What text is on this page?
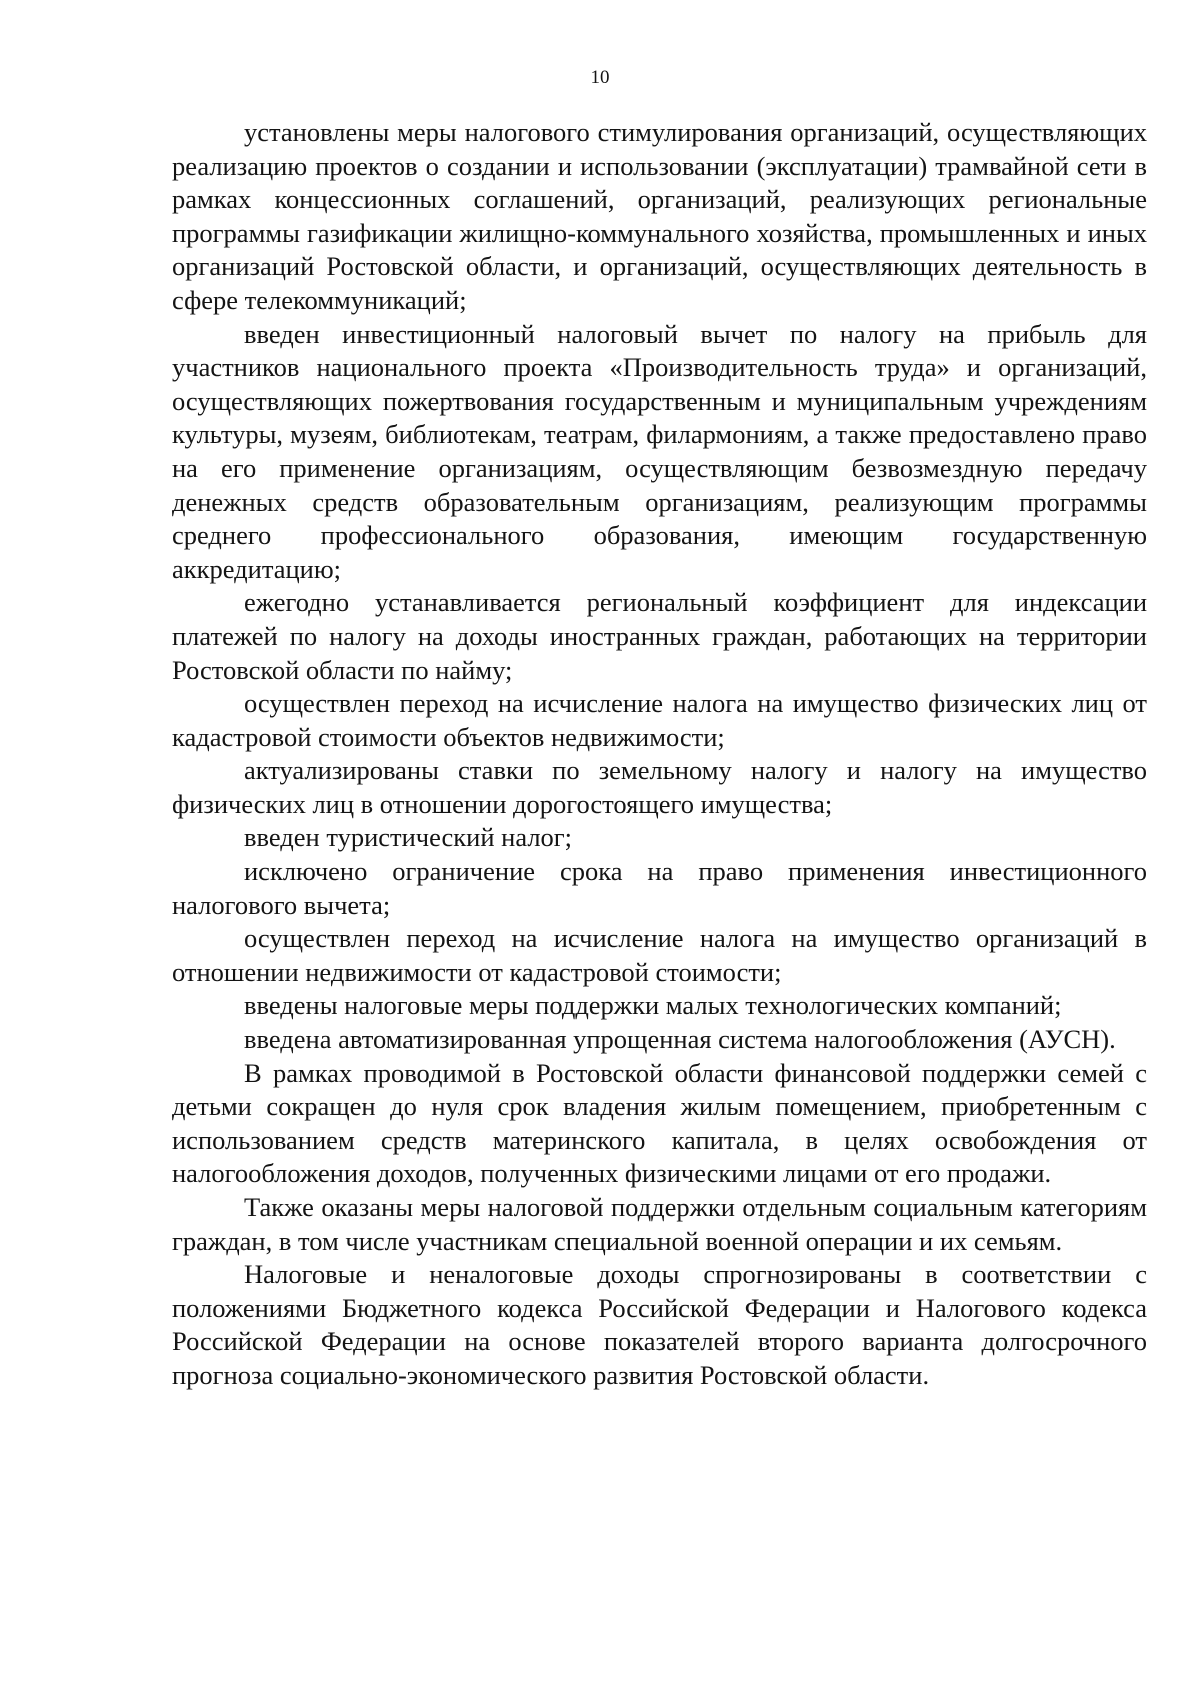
10

установлены меры налогового стимулирования организаций, осуществляющих реализацию проектов о создании и использовании (эксплуатации) трамвайной сети в рамках концессионных соглашений, организаций, реализующих региональные программы газификации жилищно-коммунального хозяйства, промышленных и иных организаций Ростовской области, и организаций, осуществляющих деятельность в сфере телекоммуникаций;

введен инвестиционный налоговый вычет по налогу на прибыль для участников национального проекта «Производительность труда» и организаций, осуществляющих пожертвования государственным и муниципальным учреждениям культуры, музеям, библиотекам, театрам, филармониям, а также предоставлено право на его применение организациям, осуществляющим безвозмездную передачу денежных средств образовательным организациям, реализующим программы среднего профессионального образования, имеющим государственную аккредитацию;

ежегодно устанавливается региональный коэффициент для индексации платежей по налогу на доходы иностранных граждан, работающих на территории Ростовской области по найму;

осуществлен переход на исчисление налога на имущество физических лиц от кадастровой стоимости объектов недвижимости;

актуализированы ставки по земельному налогу и налогу на имущество физических лиц в отношении дорогостоящего имущества;

введен туристический налог;

исключено ограничение срока на право применения инвестиционного налогового вычета;

осуществлен переход на исчисление налога на имущество организаций в отношении недвижимости от кадастровой стоимости;

введены налоговые меры поддержки малых технологических компаний;

введена автоматизированная упрощенная система налогообложения (АУСН).

В рамках проводимой в Ростовской области финансовой поддержки семей с детьми сокращен до нуля срок владения жилым помещением, приобретенным с использованием средств материнского капитала, в целях освобождения от налогообложения доходов, полученных физическими лицами от его продажи.

Также оказаны меры налоговой поддержки отдельным социальным категориям граждан, в том числе участникам специальной военной операции и их семьям.

Налоговые и неналоговые доходы спрогнозированы в соответствии с положениями Бюджетного кодекса Российской Федерации и Налогового кодекса Российской Федерации на основе показателей второго варианта долгосрочного прогноза социально-экономического развития Ростовской области.
